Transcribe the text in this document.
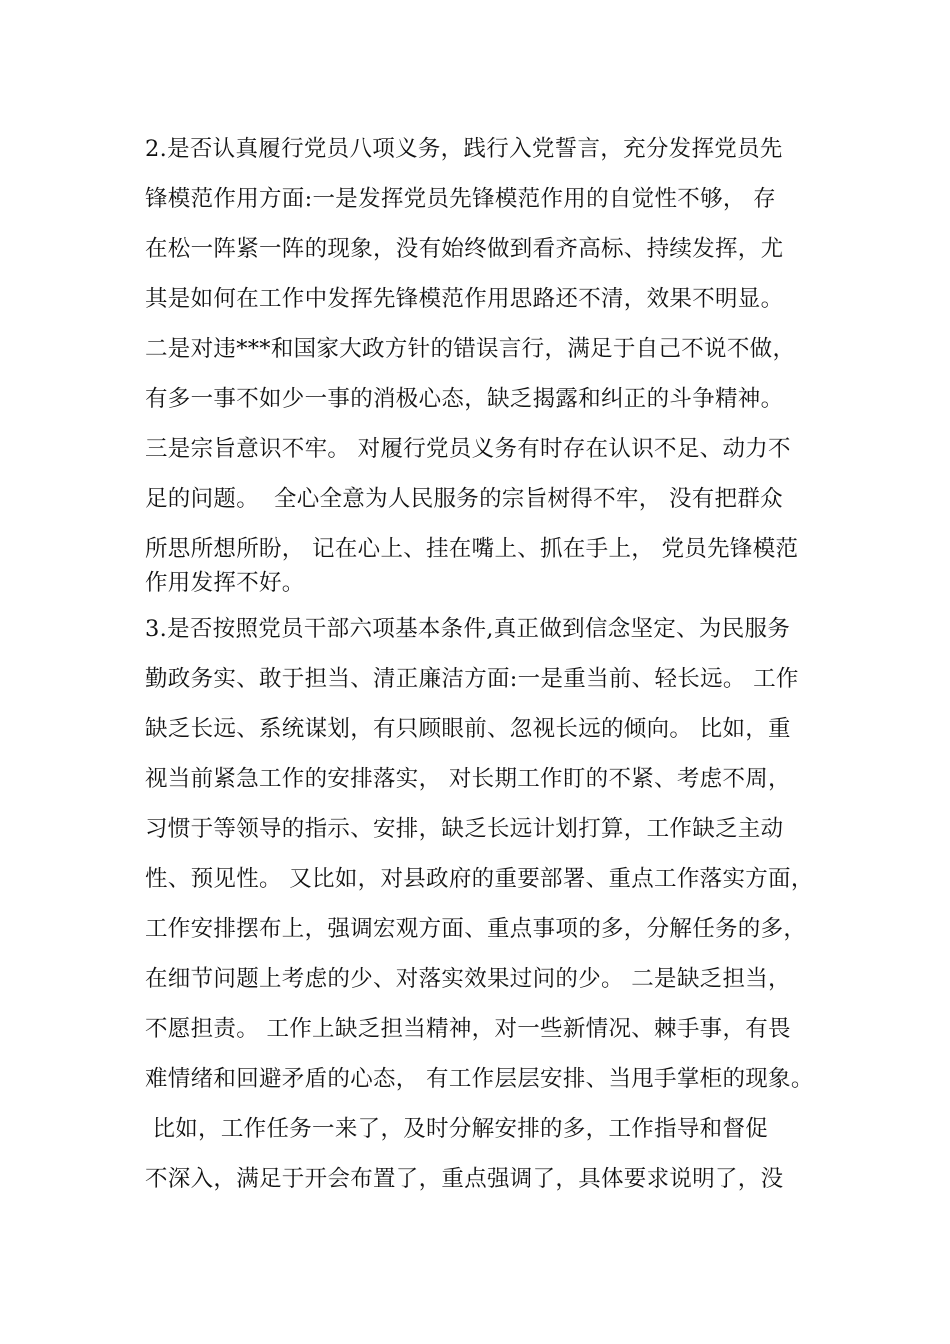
2.是否认真履行党员八项义务，践行入党誓言，充分发挥党员先
锋模范作用方面:一是发挥党员先锋模范作用的自觉性不够， 存
在松一阵紧一阵的现象，没有始终做到看齐高标、持续发挥，尤
其是如何在工作中发挥先锋模范作用思路还不清，效果不明显。
二是对违***和国家大政方针的错误言行，满足于自己不说不做，
有多一事不如少一事的消极心态，缺乏揭露和纠正的斗争精神。
三是宗旨意识不牢。 对履行党员义务有时存在认识不足、动力不
足的问题。  全心全意为人民服务的宗旨树得不牢， 没有把群众
所思所想所盼， 记在心上、挂在嘴上、抓在手上， 党员先锋模范
作用发挥不好。
3.是否按照党员干部六项基本条件,真正做到信念坚定、为民服务
勤政务实、敢于担当、清正廉洁方面:一是重当前、轻长远。 工作
缺乏长远、系统谋划，有只顾眼前、忽视长远的倾向。 比如，重
视当前紧急工作的安排落实， 对长期工作盯的不紧、考虑不周，
习惯于等领导的指示、安排，缺乏长远计划打算，工作缺乏主动
性、预见性。 又比如，对县政府的重要部署、重点工作落实方面，
工作安排摆布上，强调宏观方面、重点事项的多，分解任务的多，
在细节问题上考虑的少、对落实效果过问的少。 二是缺乏担当，
不愿担责。 工作上缺乏担当精神，对一些新情况、棘手事，有畏
难情绪和回避矛盾的心态， 有工作层层安排、当甩手掌柜的现象。
比如，工作任务一来了，及时分解安排的多，工作指导和督促
不深入，满足于开会布置了，重点强调了，具体要求说明了，没
